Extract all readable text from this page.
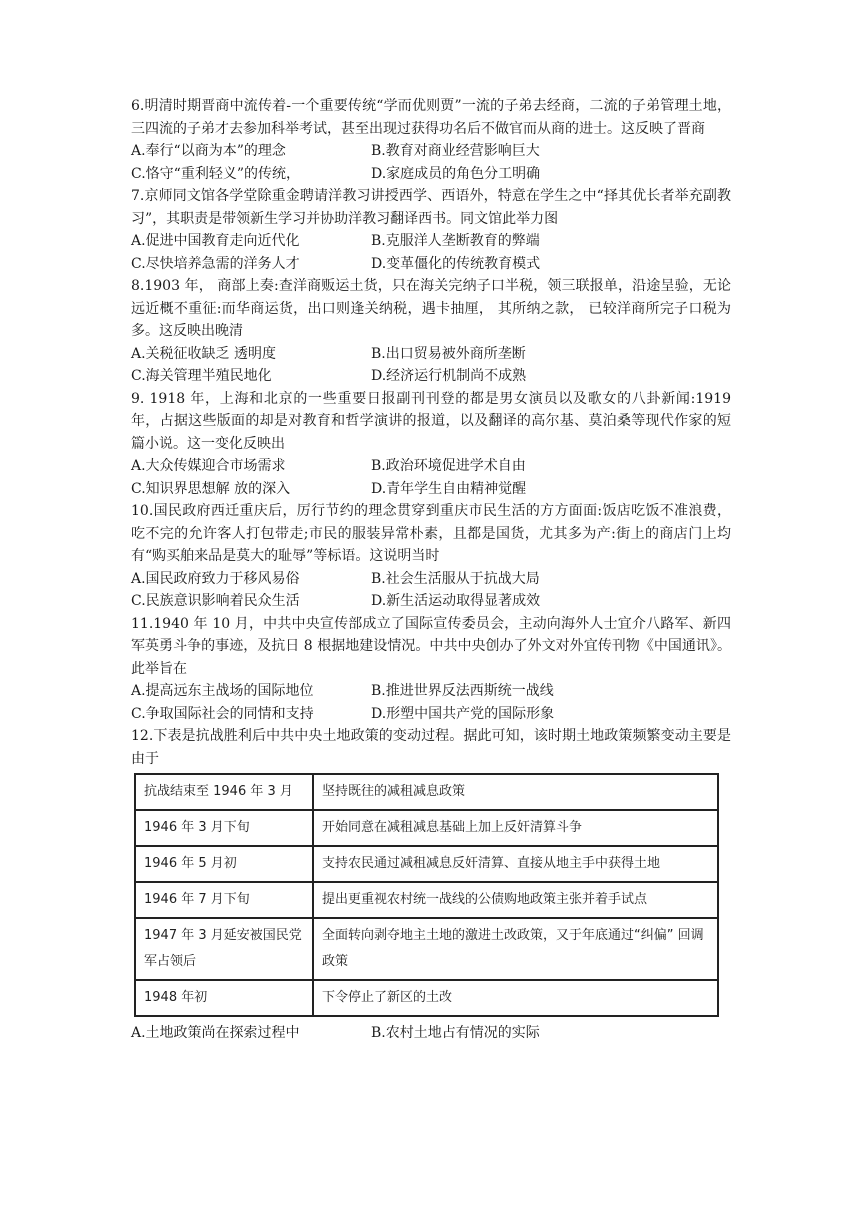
6.明清时期晋商中流传着-一个重要传统“学而优则贾”一流的子弟去经商，二流的子弟管理土地，三四流的子弟才去参加科举考试，甚至出现过获得功名后不做官而从商的进士。这反映了晋商

A.奉行“以商为本”的理念	B.教育对商业经营影响巨大
C.恪守“重利轻义”的传统，	D.家庭成员的角色分工明确

7.京师同文馆各学堂除重金聘请洋教习讲授西学、西语外，特意在学生之中“择其优长者举充副教习”，其职责是带领新生学习并协助洋教习翻译西书。同文馆此举力图

A.促进中国教育走向近代化	B.克服洋人垄断教育的弊端
C.尽快培养急需的洋务人才	D.变革僵化的传统教育模式

8.1903 年， 商部上奏:查洋商贩运土货，只在海关完纳子口半税，领三联报单，沿途呈验，无论远近概不重征:而华商运货，出口则逢关纳税，遇卡抽厘， 其所纳之款， 已较洋商所完子口税为多。这反映出晚清

A.关税征收缺乏 透明度	B.出口贸易被外商所垄断
C.海关管理半殖民地化	D.经济运行机制尚不成熟

9. 1918 年，上海和北京的一些重要日报副刊刊登的都是男女演员以及歌女的八卦新闻:1919 年，占据这些版面的却是对教育和哲学演讲的报道，以及翻译的高尔基、莫泊桑等现代作家的短篇小说。这一变化反映出

A.大众传媒迎合市场需求	B.政治环境促进学术自由
C.知识界思想解 放的深入	D.青年学生自由精神觉醒

10.国民政府西迁重庆后，厉行节约的理念贯穿到重庆市民生活的方方面面:饭店吃饭不准浪费，吃不完的允许客人打包带走;市民的服装异常朴素，且都是国货，尤其多为产:街上的商店门上均有“购买舶来品是莫大的耻辱”等标语。这说明当时

A.国民政府致力于移风易俗	B.社会生活服从于抗战大局
C.民族意识影响着民众生活	D.新生活运动取得显著成效

11.1940 年 10 月，中共中央宣传部成立了国际宣传委员会，主动向海外人士宜介八路军、新四军英勇斗争的事迹，及抗日 8 根据地建设情况。中共中央创办了外文对外宜传刊物《中国通讯》。此举旨在

A.提高远东主战场的国际地位	B.推进世界反法西斯统一战线
C.争取国际社会的同情和支持	D.形塑中国共产党的国际形象

12.下表是抗战胜利后中共中央土地政策的变动过程。据此可知，该时期土地政策频繁变动主要是由于

抗战结束至 1946 年 3 月	坚持既往的减租减息政策
1946 年 3 月下旬	开始同意在减租减息基础上加上反奸清算斗争
1946 年 5 月初	支持农民通过减租减息反奸清算、直接从地主手中获得土地
1946 年 7 月下旬	提出更重视农村统一战线的公债购地政策主张并着手试点
1947 年 3 月延安被国民党军占领后	全面转向剥夺地主土地的激进土改政策，又于年底通过“纠偏” 回调政策
1948 年初	下令停止了新区的土改
A.土地政策尚在探索过程中	B.农村土地占有情况的实际
